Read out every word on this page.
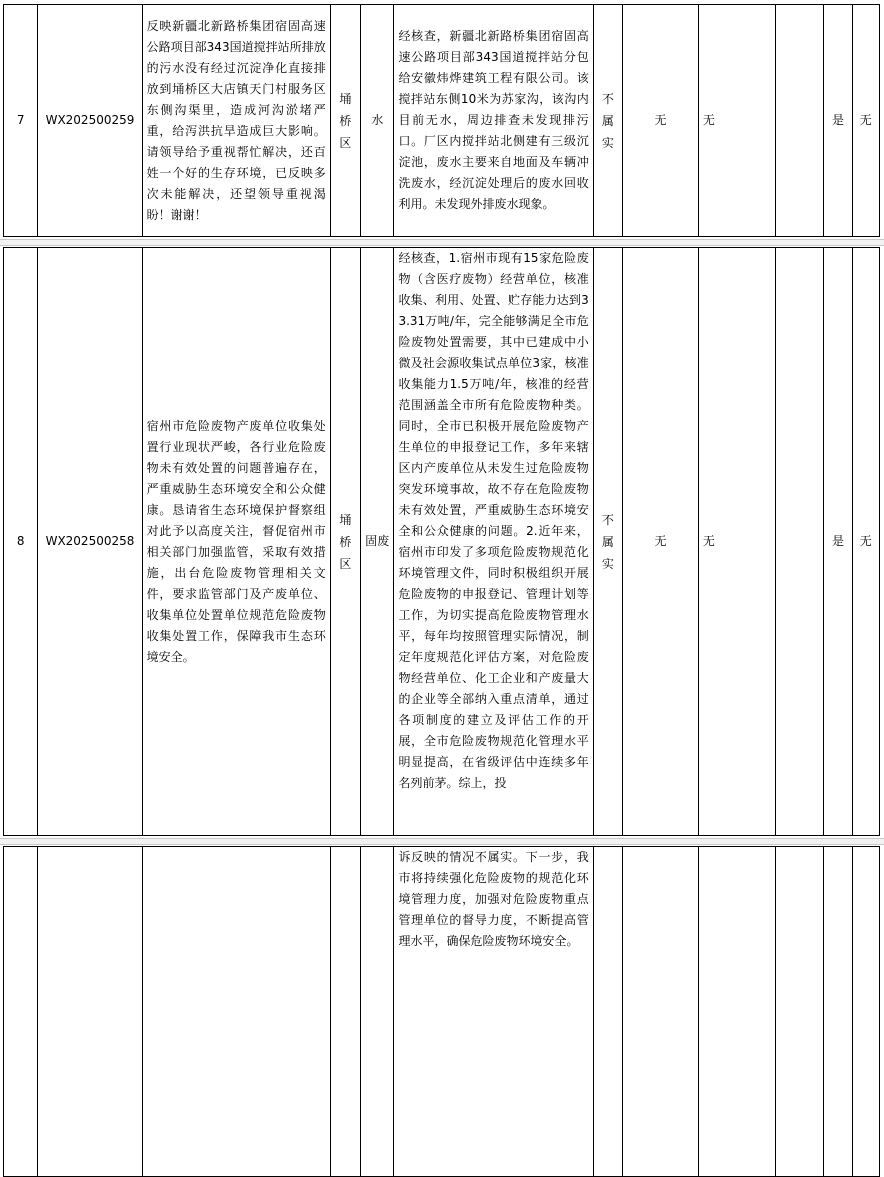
7	WX202500259	反映新疆北新路桥集团宿固高速公路项目部343国道搅拌站所排放的污水没有经过沉淀净化直接排放到埇桥区大店镇天门村服务区东侧沟渠里，造成河沟淤堵严重，给泻洪抗旱造成巨大影响。请领导给予重视帮忙解决，还百姓一个好的生存环境，已反映多次未能解决，还望领导重视渴盼！谢谢！	埇桥区	水	经核查，新疆北新路桥集团宿固高速公路项目部343国道搅拌站分包给安徽炜烨建筑工程有限公司。该搅拌站东侧10米为苏家沟，该沟内目前无水，周边排查未发现排污口。厂区内搅拌站北侧建有三级沉淀池，废水主要来自地面及车辆冲洗废水，经沉淀处理后的废水回收利用。未发现外排废水现象。	不属实	无	无		是	无
8	WX202500258	宿州市危险废物产废单位收集处置行业现状严峻，各行业危险废物未有效处置的问题普遍存在，严重威胁生态环境安全和公众健康。恳请省生态环境保护督察组对此予以高度关注，督促宿州市相关部门加强监管，采取有效措施，出台危险废物管理相关文件，要求监管部门及产废单位、收集单位处置单位规范危险废物收集处置工作，保障我市生态环境安全。	埇桥区	固废	经核查，1.宿州市现有15家危险废物（含医疗废物）经营单位，核准收集、利用、处置、贮存能力达到33.31万吨/年，完全能够满足全市危险废物处置需要，其中已建成中小微及社会源收集试点单位3家，核准收集能力1.5万吨/年，核准的经营范围涵盖全市所有危险废物种类。同时，全市已积极开展危险废物产生单位的申报登记工作，多年来辖区内产废单位从未发生过危险废物突发环境事故，故不存在危险废物未有效处置，严重威胁生态环境安全和公众健康的问题。2.近年来，宿州市印发了多项危险废物规范化环境管理文件，同时积极组织开展危险废物的申报登记、管理计划等工作，为切实提高危险废物管理水平，每年均按照管理实际情况，制定年度规范化评估方案，对危险废物经营单位、化工企业和产废量大的企业等全部纳入重点清单，通过各项制度的建立及评估工作的开展，全市危险废物规范化管理水平明显提高，在省级评估中连续多年名列前茅。综上，投	不属实	无	无		是	无
					诉反映的情况不属实。下一步，我市将持续强化危险废物的规范化环境管理力度，加强对危险废物重点管理单位的督导力度，不断提高管理水平，确保危险废物环境安全。						
